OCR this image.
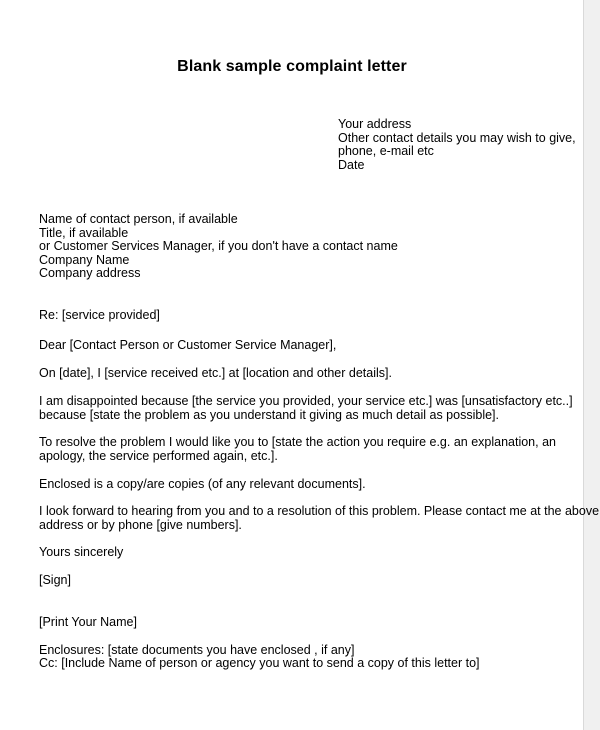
Blank sample complaint letter
Your address
Other contact details you may wish to give,
phone, e-mail etc
Date
Name of contact person, if available
Title, if available
or Customer Services Manager, if you don't have a contact name
Company Name
Company address
Re: [service provided]
Dear [Contact Person or Customer Service Manager],
On [date], I [service received etc.] at [location and other details].
I am disappointed because [the service you provided, your service etc.] was [unsatisfactory etc..]
because [state the problem as you understand it giving as much detail as possible].
To resolve the problem I would like you to [state the action you require e.g. an explanation, an
apology, the service performed again, etc.].
Enclosed is a copy/are copies (of any relevant documents].
I look forward to hearing from you and to a resolution of this problem. Please contact me at the above
address or by phone [give numbers].
Yours sincerely
[Sign]
[Print Your Name]
Enclosures: [state documents you have enclosed , if any]
Cc: [Include Name of person or agency you want to send a copy of this letter to]
